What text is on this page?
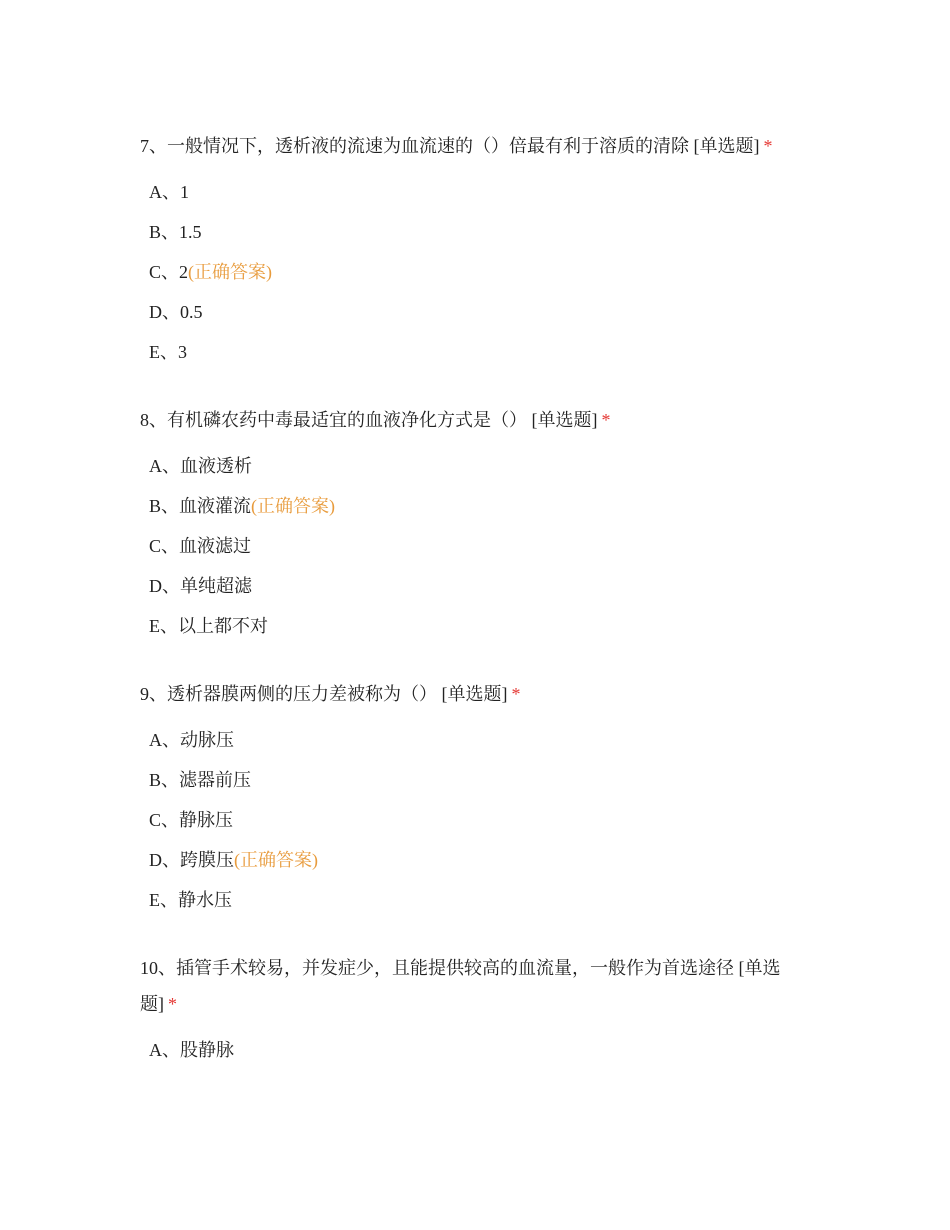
7、一般情况下，透析液的流速为血流速的（）倍最有利于溶质的清除 [单选题] *
A、1
B、1.5
C、2(正确答案)
D、0.5
E、3
8、有机磷农药中毒最适宜的血液净化方式是（） [单选题] *
A、血液透析
B、血液灌流(正确答案)
C、血液滤过
D、单纯超滤
E、以上都不对
9、透析器膜两侧的压力差被称为（） [单选题] *
A、动脉压
B、滤器前压
C、静脉压
D、跨膜压(正确答案)
E、静水压
10、插管手术较易，并发症少，且能提供较高的血流量，一般作为首选途径 [单选题] *
A、股静脉
